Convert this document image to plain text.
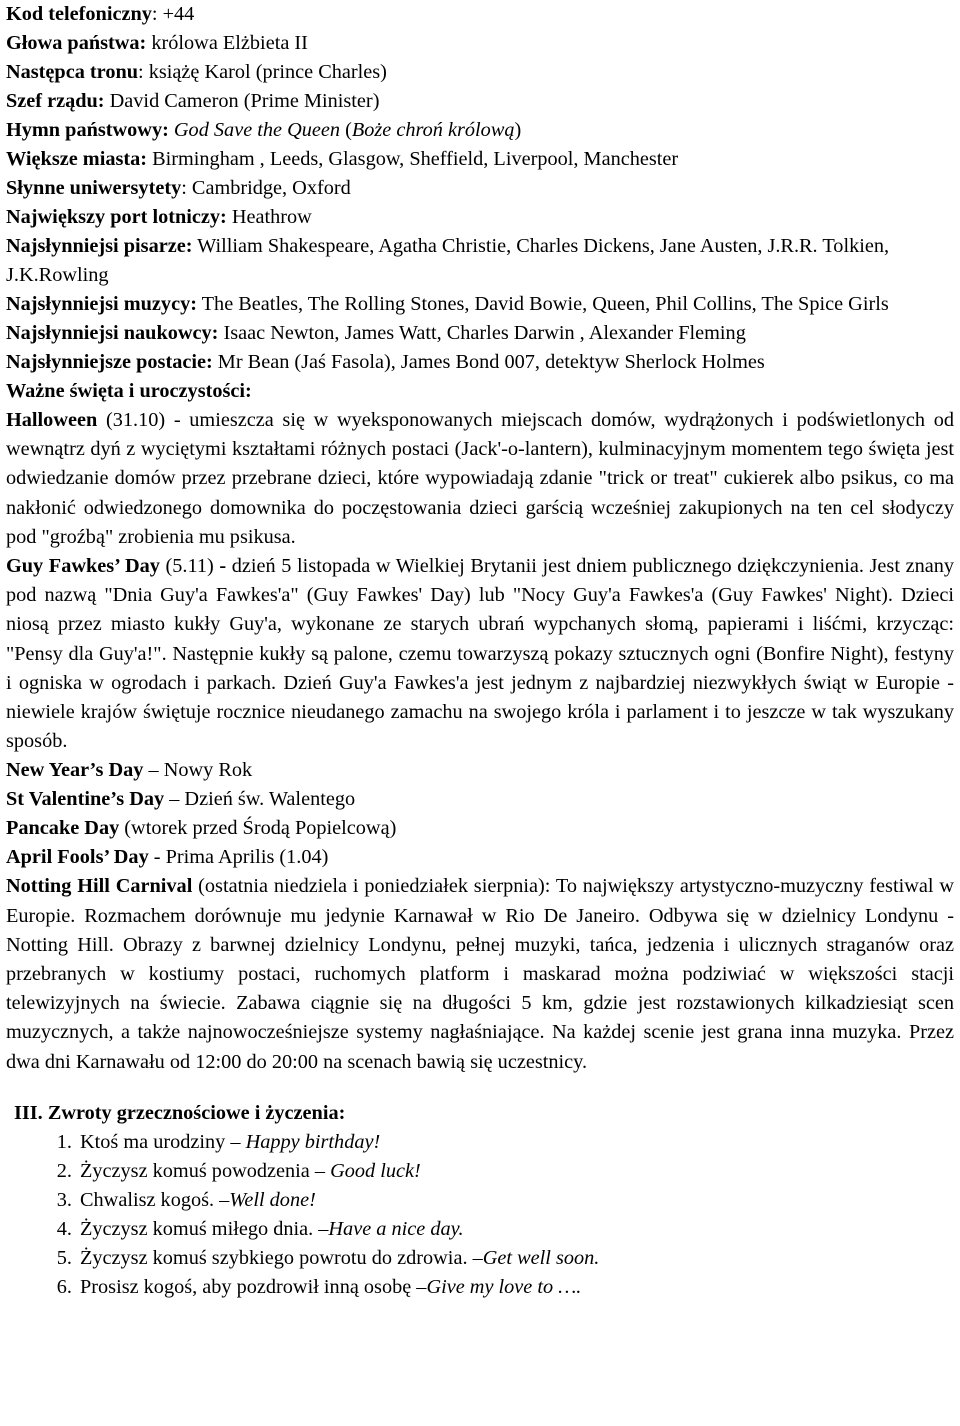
Kod telefoniczny: +44

Głowa państwa: królowa Elżbieta II

Następca tronu: książę Karol (prince Charles)

Szef rządu: David Cameron (Prime Minister)

Hymn państwowy: God Save the Queen (Boże chroń królową)

Większe miasta: Birmingham , Leeds, Glasgow, Sheffield, Liverpool, Manchester

Słynne uniwersytety: Cambridge, Oxford

Największy port lotniczy: Heathrow

Najsłynniejsi pisarze: William Shakespeare, Agatha Christie, Charles Dickens, Jane Austen, J.R.R. Tolkien, J.K.Rowling

Najsłynniejsi muzycy: The Beatles, The Rolling Stones, David Bowie, Queen, Phil Collins, The Spice Girls

Najsłynniejsi naukowcy: Isaac Newton, James Watt, Charles Darwin , Alexander Fleming

Najsłynniejsze postacie: Mr Bean (Jaś Fasola), James Bond 007, detektyw Sherlock Holmes

Ważne święta i uroczystości:

Halloween (31.10) - umieszcza się w wyeksponowanych miejscach domów, wydrążonych i podświetlonych od wewnątrz dyń z wyciętymi kształtami różnych postaci (Jack'-o-lantern), kulminacyjnym momentem tego święta jest odwiedzanie domów przez przebrane dzieci, które wypowiadają zdanie "trick or treat" cukierek albo psikus, co ma nakłonić odwiedzonego domownika do poczęstowania dzieci garścią wcześniej zakupionych na ten cel słodyczy pod "groźbą" zrobienia mu psikusa.

Guy Fawkes’ Day (5.11) - dzień 5 listopada w Wielkiej Brytanii jest dniem publicznego dziękczynienia. Jest znany pod nazwą "Dnia Guy'a Fawkes'a" (Guy Fawkes' Day) lub "Nocy Guy'a Fawkes'a (Guy Fawkes' Night). Dzieci niosą przez miasto kukły Guy'a, wykonane ze starych ubrań wypchanych słomą, papierami i liśćmi, krzycząc: "Pensy dla Guy'a!". Następnie kukły są palone, czemu towarzyszą pokazy sztucznych ogni (Bonfire Night), festyny i ogniska w ogrodach i parkach. Dzień Guy'a Fawkes'a jest jednym z najbardziej niezwykłych świąt w Europie - niewiele krajów świętuje rocznice nieudanego zamachu na swojego króla i parlament i to jeszcze w tak wyszukany sposób.

New Year’s Day – Nowy Rok

St Valentine’s Day – Dzień św. Walentego

Pancake Day (wtorek przed Środą Popielcową)

April Fools’ Day - Prima Aprilis (1.04)

Notting Hill Carnival (ostatnia niedziela i poniedziałek sierpnia): To największy artystyczno-muzyczny festiwal w Europie. Rozmachem dorównuje mu jedynie Karnawał w Rio De Janeiro. Odbywa się w dzielnicy Londynu - Notting Hill. Obrazy z barwnej dzielnicy Londynu, pełnej muzyki, tańca, jedzenia i ulicznych straganów oraz przebranych w kostiumy postaci, ruchomych platform i maskarad można podziwiać w większości stacji telewizyjnych na świecie. Zabawa ciągnie się na długości 5 km, gdzie jest rozstawionych kilkadziesiąt scen muzycznych, a także najnowocześniejsze systemy nagłaśniające. Na każdej scenie jest grana inna muzyka. Przez dwa dni Karnawału od 12:00 do 20:00 na scenach bawią się uczestnicy.

III. Zwroty grzecznościowe i życzenia:

1. Ktoś ma urodziny – Happy birthday!
2. Życzysz komuś powodzenia – Good luck!
3. Chwalisz kogoś. –Well done!
4. Życzysz komuś miłego dnia. –Have a nice day.
5. Życzysz komuś szybkiego powrotu do zdrowia. –Get well soon.
6. Prosisz kogoś, aby pozdrowił inną osobę –Give my love to ….
